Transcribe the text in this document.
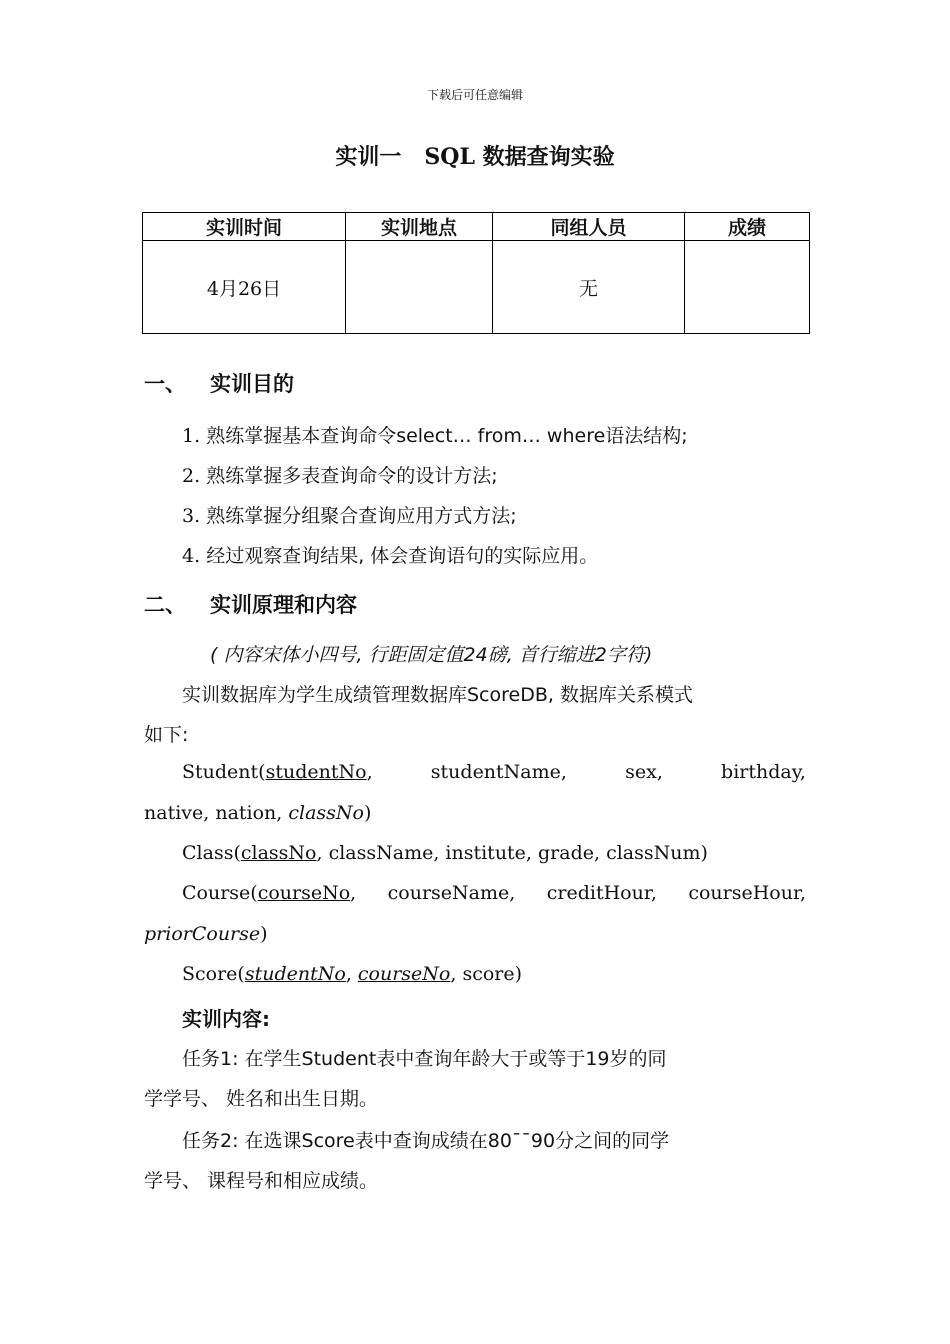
下载后可任意编辑
实训一 SQL 数据查询实验
实训时间	实训地点	同组人员	成绩
4月26日		无	
一、 实训目的
1. 熟练掌握基本查询命令select… from… where语法结构;
2. 熟练掌握多表查询命令的设计方法;
3. 熟练掌握分组聚合查询应用方式方法;
4. 经过观察查询结果, 体会查询语句的实际应用。
二、 实训原理和内容
( 内容宋体小四号, 行距固定值24磅, 首行缩进2字符)
实训数据库为学生成绩管理数据库ScoreDB, 数据库关系模式
如下:
Student(studentNo,	studentName,	sex,	birthday,
native, nation, classNo)
Class(classNo, className, institute, grade, classNum)
Course(courseNo, courseName, creditHour, courseHour,
priorCourse)
Score(studentNo, courseNo, score)
实训内容:
任务1: 在学生Student表中查询年龄大于或等于19岁的同
学学号、 姓名和出生日期。
任务2: 在选课Score表中查询成绩在80¯¯90分之间的同学
学号、 课程号和相应成绩。
